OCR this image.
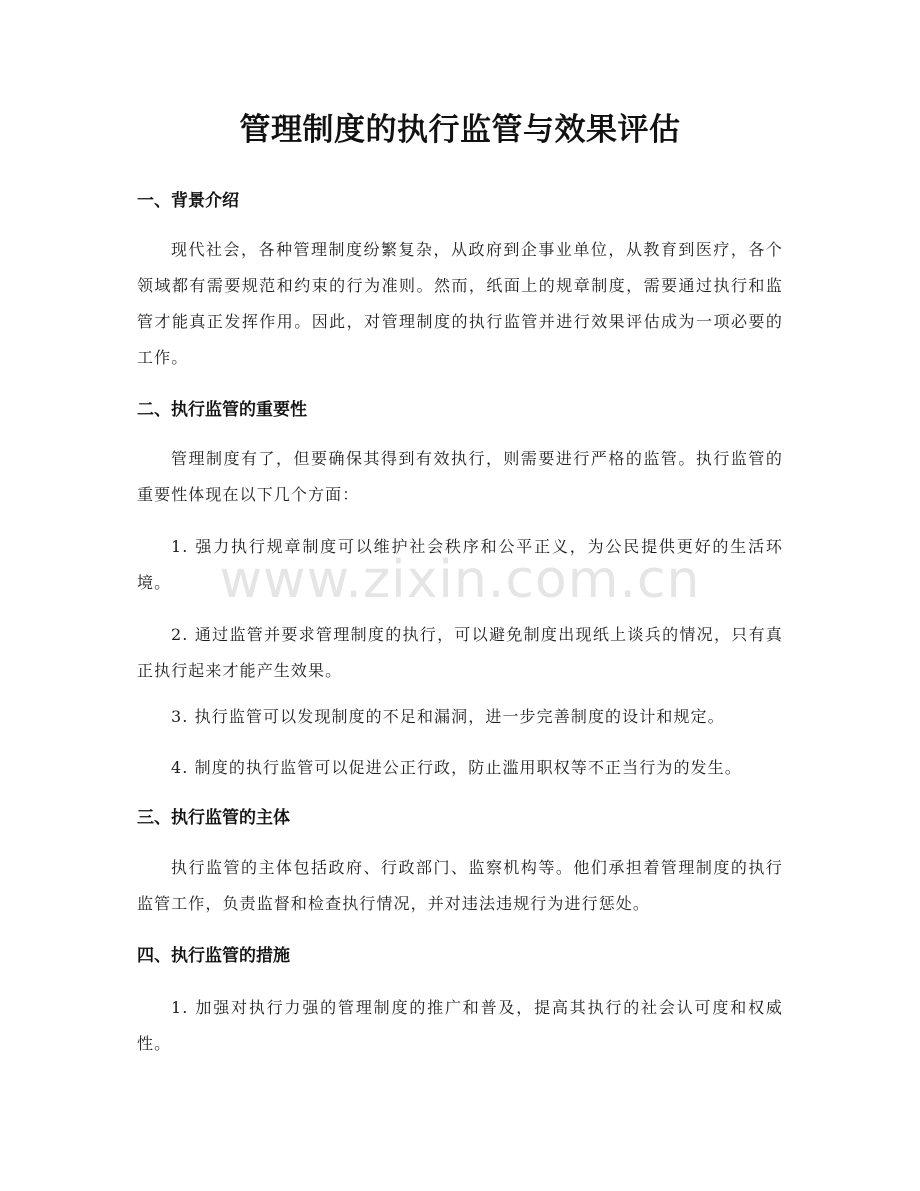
管理制度的执行监管与效果评估
一、背景介绍

现代社会，各种管理制度纷繁复杂，从政府到企事业单位，从教育到医疗，各个领域都有需要规范和约束的行为准则。然而，纸面上的规章制度，需要通过执行和监管才能真正发挥作用。因此，对管理制度的执行监管并进行效果评估成为一项必要的工作。

二、执行监管的重要性

管理制度有了，但要确保其得到有效执行，则需要进行严格的监管。执行监管的重要性体现在以下几个方面：

1. 强力执行规章制度可以维护社会秩序和公平正义，为公民提供更好的生活环境。

2. 通过监管并要求管理制度的执行，可以避免制度出现纸上谈兵的情况，只有真正执行起来才能产生效果。

3. 执行监管可以发现制度的不足和漏洞，进一步完善制度的设计和规定。

4. 制度的执行监管可以促进公正行政，防止滥用职权等不正当行为的发生。

三、执行监管的主体

执行监管的主体包括政府、行政部门、监察机构等。他们承担着管理制度的执行监管工作，负责监督和检查执行情况，并对违法违规行为进行惩处。

四、执行监管的措施

1. 加强对执行力强的管理制度的推广和普及，提高其执行的社会认可度和权威性。

www.zixin.com.cn
